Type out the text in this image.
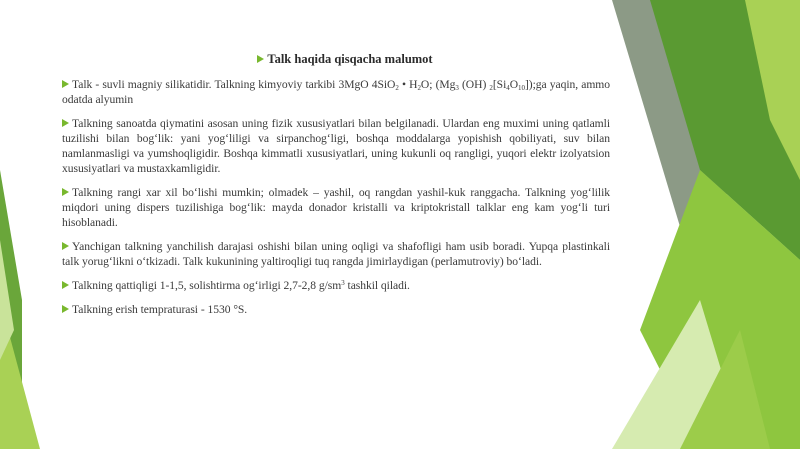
Talk haqida qisqacha malumot
Talk - suvli magniy silikatidir. Talkning kimyoviy tarkibi 3MgO 4SiO$_2$ • $H_2O$; ($Mg_3$ (OH) $_2[Si_4O_{10}]);ga$ yaqin, ammo odatda alyumin
Talkning sanoatda qiymatini asosan uning fizik xususiyatlari bilan belgilanadi. Ulardan eng muximi uning qatlamli tuzilishi bilan bogʻlik: yani yogʻliligi va sirpanchogʻligi, boshqa moddalarga yopishish qobiliyati, suv bilan namlanmasligi va yumshoqligidir. Boshqa kimmatli xususiyatlari, uning kukunli oq rangligi, yuqori elektr izolyatsion xususiyatlari va mustaxkamligidir.
Talkning rangi xar xil boʻlishi mumkin; olmadek – yashil, oq rangdan yashil-kuk ranggacha. Talkning yogʻlilik miqdori uning dispers tuzilishiga bogʻlik: mayda donador kristalli va kriptokristall talklar eng kam yogʻli turi hisoblanadi.
Yanchigan talkning yanchilish darajasi oshishi bilan uning oqligi va shafofligi ham usib boradi. Yupqa plastinkali talk yorugʻlikni oʻtkizadi. Talk kukunining yaltiroqligi tuq rangda jimirlaydigan (perlamutroviy) boʻladi.
Talkning qattiqligi 1-1,5, solishtirma ogʻirligi 2,7-2,8 $g/sm^3$ tashkil qiladi.
Talkning erish tempraturasi - 1530 °S.
